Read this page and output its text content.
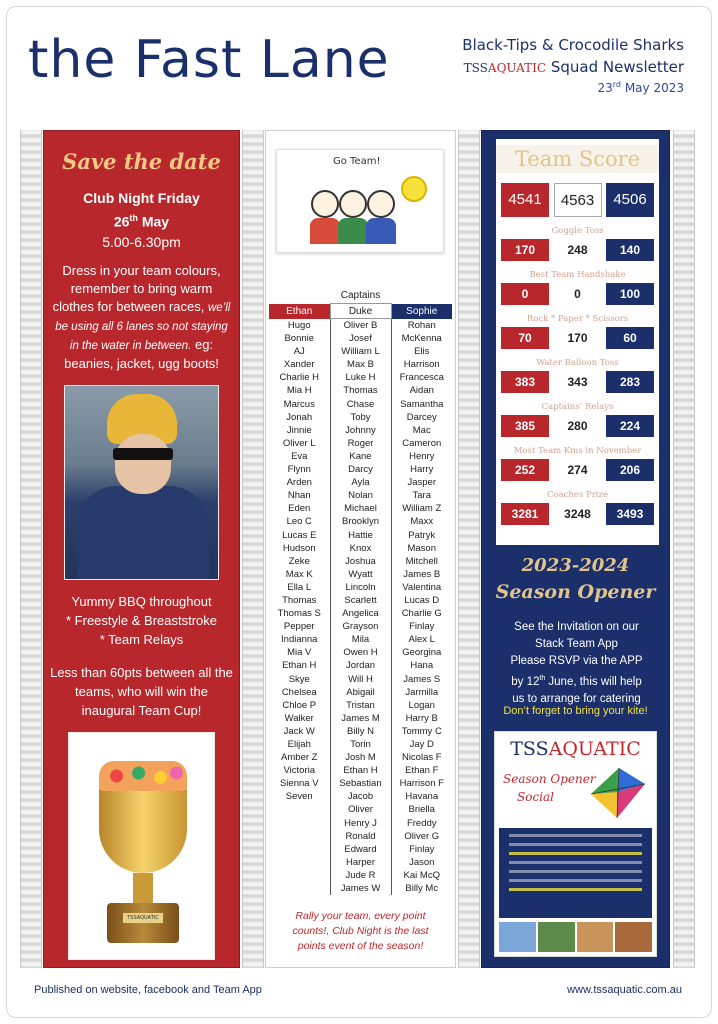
the Fast Lane	Black-Tips & Crocodile Sharks
TSSAQUATIC Squad Newsletter
23rd May 2023
Save the date
Club Night Friday
26th May
5.00-6.30pm
Dress in your team colours, remember to bring warm clothes for between races, we’ll be using all 6 lanes so not staying in the water in between. eg: beanies, jacket, ugg boots!
Yummy BBQ throughout
* Freestyle & Breaststroke
* Team Relays
Less than 60pts between all the teams, who will win the inaugural Team Cup!
TSSAQUATIC
Go Team!
Captains
Ethan	Duke	Sophie
Hugo	Oliver B	Rohan
Bonnie	Josef	McKenna
AJ	William L	Elis
Xander	Max B	Harrison
Charlie H	Luke H	Francesca
Mia H	Thomas	Aidan
Marcus	Chase	Samantha
Jonah	Toby	Darcey
Jinnie	Johnny	Mac
Oliver L	Roger	Cameron
Eva	Kane	Henry
Flynn	Darcy	Harry
Arden	Ayla	Jasper
Nhan	Nolan	Tara
Eden	Michael	William Z
Leo C	Brooklyn	Maxx
Lucas E	Hattie	Patryk
Hudson	Knox	Mason
Zeke	Joshua	Mitchell
Max K	Wyatt	James B
Ella L	Lincoln	Valentina
Thomas	Scarlett	Lucas D
Thomas S	Angelica	Charlie G
Pepper	Grayson	Finlay
Indianna	Mila	Alex L
Mia V	Owen H	Georgina
Ethan H	Jordan	Hana
Skye	Will H	James S
Chelsea	Abigail	Jarmilla
Chloe P	Tristan	Logan
Walker	James M	Harry B
Jack W	Billy N	Tommy C
Elijah	Torin	Jay D
Amber Z	Josh M	Nicolas F
Victoria	Ethan H	Ethan F
Sienna V	Sebastian	Harrison F
Seven	Jacob	Havana
	Oliver	Briella
	Henry J	Freddy
	Ronald	Oliver G
	Edward	Finlay
	Harper	Jason
	Jude R	Kai McQ
	James W	Billy Mc
Rally your team, every point counts!, Club Night is the last points event of the season!
Team Score
4541	4563	4506
Goggle Toss
170	248	140
Best Team Handshake
0	0	100
Rock * Paper * Scissors
70	170	60
Water Balloon Toss
383	343	283
Captains’ Relays
385	280	224
Most Team Kms in November
252	274	206
Coaches Prize
3281	3248	3493
2023-2024
Season Opener
See the Invitation on our
Stack Team App
Please RSVP via the APP
by 12th June, this will help
us to arrange for catering
Don’t forget to bring your kite!
TSSAQUATIC
Season Opener
Social
Published on website, facebook and Team App	www.tssaquatic.com.au
